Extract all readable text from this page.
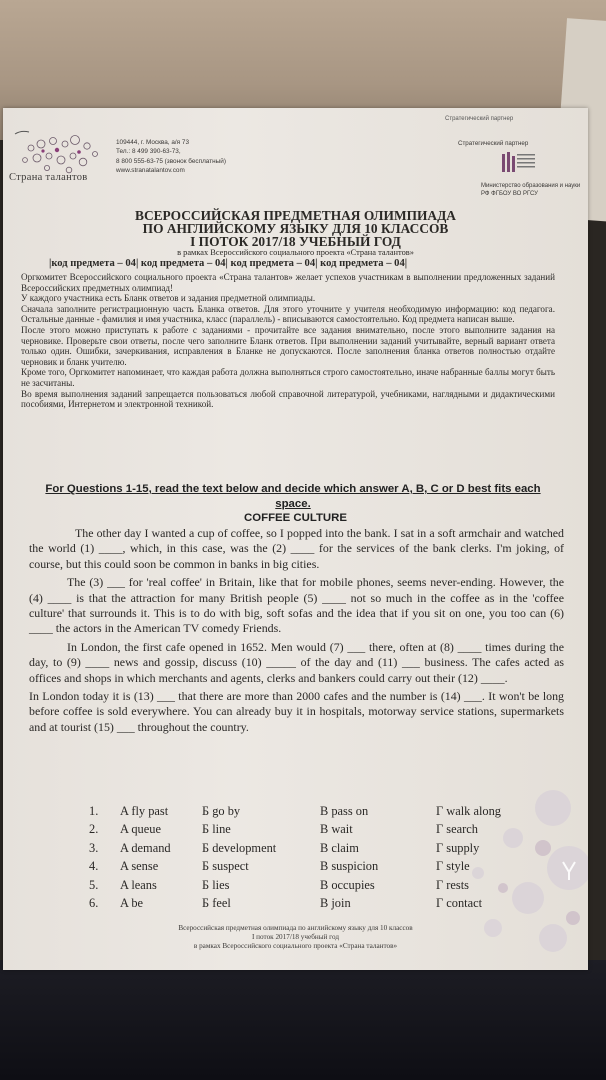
Страна талантов
109444, г. Москва, а/я 73
Тел.: 8 499 390-63-73,
8 800 555-63-75 (звонок бесплатный)
www.stranatalantov.com
Стратегический партнер
Стратегический партнер
Министерство образования и науки РФ ФГБОУ ВО РГСУ
ВСЕРОССИЙСКАЯ ПРЕДМЕТНАЯ ОЛИМПИАДА
ПО АНГЛИЙСКОМУ ЯЗЫКУ ДЛЯ 10 КЛАССОВ
I ПОТОК 2017/18 УЧЕБНЫЙ ГОД
в рамках Всероссийского социального проекта «Страна талантов»
|код предмета – 04| код предмета – 04| код предмета – 04| код предмета – 04|

Оргкомитет Всероссийского социального проекта «Страна талантов» желает успехов участникам в выполнении предложенных заданий Всероссийских предметных олимпиад!

У каждого участника есть Бланк ответов и задания предметной олимпиады.

Сначала заполните регистрационную часть Бланка ответов. Для этого уточните у учителя необходимую информацию: код педагога. Остальные данные - фамилия и имя участника, класс (параллель) - вписываются самостоятельно. Код предмета написан выше.

После этого можно приступать к работе с заданиями - прочитайте все задания внимательно, после этого выполните задания на черновике. Проверьте свои ответы, после чего заполните Бланк ответов. При выполнении заданий учитывайте, верный вариант ответа только один. Ошибки, зачеркивания, исправления в Бланке не допускаются. После заполнения бланка ответов полностью отдайте черновик и бланк учителю.

Кроме того, Оргкомитет напоминает, что каждая работа должна выполняться строго самостоятельно, иначе набранные баллы могут быть не засчитаны.

Во время выполнения заданий запрещается пользоваться любой справочной литературой, учебниками, наглядными и дидактическими пособиями, Интернетом и электронной техникой.

For Questions 1-15, read the text below and decide which answer A, B, C or D best fits each space.
COFFEE CULTURE

The other day I wanted a cup of coffee, so I popped into the bank. I sat in a soft armchair and watched the world (1) ____, which, in this case, was the (2) ____ for the services of the bank clerks. I'm joking, of course, but this could soon be common in banks in big cities.

The (3) ___ for 'real coffee' in Britain, like that for mobile phones, seems never-ending. However, the (4) ____ is that the attraction for many British people (5) ____ not so much in the coffee as in the 'coffee culture' that surrounds it. This is to do with big, soft sofas and the idea that if you sit on one, you too can (6) ____ the actors in the American TV comedy Friends.

In London, the first cafe opened in 1652. Men would (7) ___ there, often at (8) ____ times during the day, to (9) ____ news and gossip, discuss (10) _____ of the day and (11) ___ business. The cafes acted as offices and shops in which merchants and agents, clerks and bankers could carry out their (12) ____.

In London today it is (13) ___ that there are more than 2000 cafes and the number is (14) ___. It won't be long before coffee is sold everywhere. You can already buy it in hospitals, motorway service stations, supermarkets and at tourist (15) ___ throughout the country.

1. A fly past	Б go by	В pass on	Г walk along
2. A queue	Б line	В wait	Г search
3. A demand	Б development	В claim	Г supply
4. A sense	Б suspect	В suspicion	Г style
5. A leans	Б lies	В occupies	Г rests
6. A be	Б feel	В join	Г contact
Всероссийская предметная олимпиада по английскому языку для 10 классов
I поток 2017/18 учебный год
в рамках Всероссийского социального проекта «Страна талантов»
